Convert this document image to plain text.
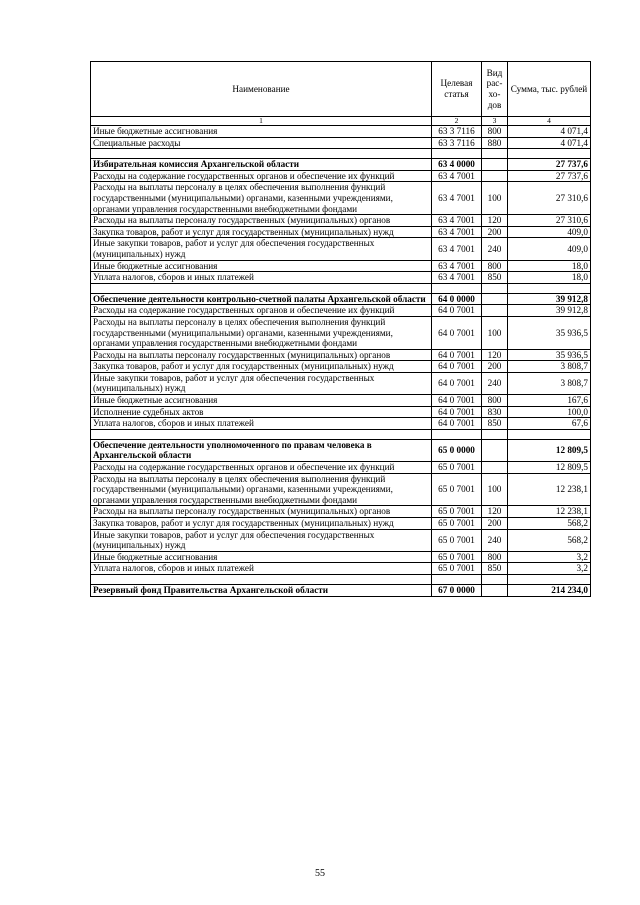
Наименование	Целевая статья	Вид рас- хо- дов	Сумма, тыс. рублей
1	2	3	4
Иные бюджетные ассигнования	63 3 7116	800	4 071,4
Специальные расходы	63 3 7116	880	4 071,4

Избирательная комиссия Архангельской области	63 4 0000		27 737,6
Расходы на содержание государственных органов и обеспечение их функций	63 4 7001		27 737,6
Расходы на выплаты персоналу в целях обеспечения выполнения функций государственными (муниципальными) органами, казенными учреждениями, органами управления государственными внебюджетными фондами	63 4 7001	100	27 310,6
Расходы на выплаты персоналу государственных (муниципальных) органов	63 4 7001	120	27 310,6
Закупка товаров, работ и услуг для государственных (муниципальных) нужд	63 4 7001	200	409,0
Иные закупки товаров, работ и услуг для обеспечения государственных (муниципальных) нужд	63 4 7001	240	409,0
Иные бюджетные ассигнования	63 4 7001	800	18,0
Уплата налогов, сборов и иных платежей	63 4 7001	850	18,0

Обеспечение деятельности контрольно-счетной палаты Архангельской области	64 0 0000		39 912,8
Расходы на содержание государственных органов и обеспечение их функций	64 0 7001		39 912,8
Расходы на выплаты персоналу в целях обеспечения выполнения функций государственными (муниципальными) органами, казенными учреждениями, органами управления государственными внебюджетными фондами	64 0 7001	100	35 936,5
Расходы на выплаты персоналу государственных (муниципальных) органов	64 0 7001	120	35 936,5
Закупка товаров, работ и услуг для государственных (муниципальных) нужд	64 0 7001	200	3 808,7
Иные закупки товаров, работ и услуг для обеспечения государственных (муниципальных) нужд	64 0 7001	240	3 808,7
Иные бюджетные ассигнования	64 0 7001	800	167,6
Исполнение судебных актов	64 0 7001	830	100,0
Уплата налогов, сборов и иных платежей	64 0 7001	850	67,6

Обеспечение деятельности уполномоченного по правам человека в Архангельской области	65 0 0000		12 809,5
Расходы на содержание государственных органов и обеспечение их функций	65 0 7001		12 809,5
Расходы на выплаты персоналу в целях обеспечения выполнения функций государственными (муниципальными) органами, казенными учреждениями, органами управления государственными внебюджетными фондами	65 0 7001	100	12 238,1
Расходы на выплаты персоналу государственных (муниципальных) органов	65 0 7001	120	12 238,1
Закупка товаров, работ и услуг для государственных (муниципальных) нужд	65 0 7001	200	568,2
Иные закупки товаров, работ и услуг для обеспечения государственных (муниципальных) нужд	65 0 7001	240	568,2
Иные бюджетные ассигнования	65 0 7001	800	3,2
Уплата налогов, сборов и иных платежей	65 0 7001	850	3,2

Резервный фонд Правительства Архангельской области	67 0 0000		214 234,0
55
